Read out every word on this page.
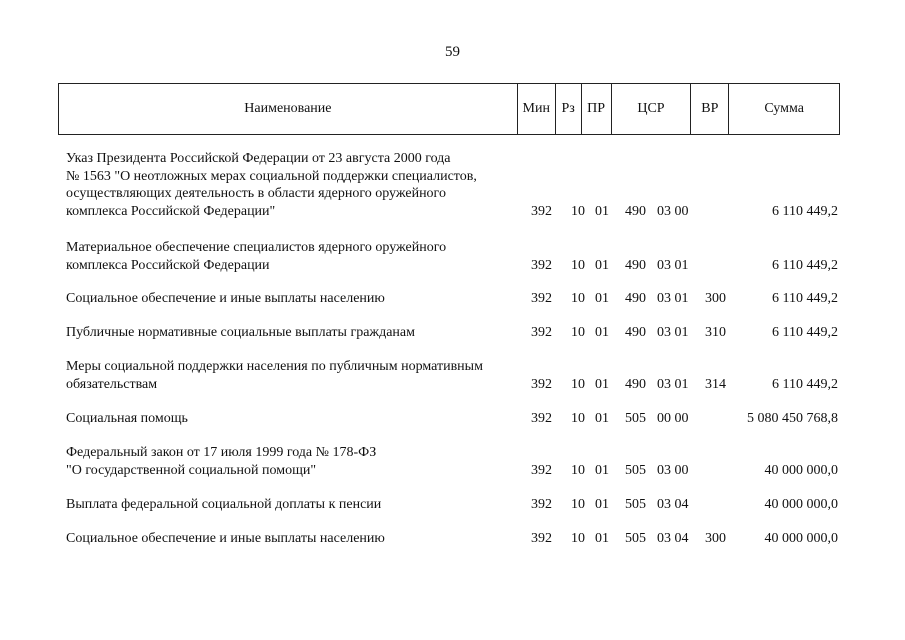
59
Наименование	Мин Рз ПР	ЦСР	ВР	Сумма
Указ Президента Российской Федерации от 23 августа 2000 года
№ 1563 "О неотложных мерах социальной поддержки специалистов,
осуществляющих деятельность в области ядерного оружейного
комплекса Российской Федерации"	392 10 01 490 03 00	6 110 449,2
Материальное обеспечение специалистов ядерного оружейного
комплекса Российской Федерации	392 10 01 490 03 01	6 110 449,2
Социальное обеспечение и иные выплаты населению	392 10 01 490 03 01 300	6 110 449,2
Публичные нормативные социальные выплаты гражданам	392 10 01 490 03 01 310	6 110 449,2
Меры социальной поддержки населения по публичным нормативным
обязательствам	392 10 01 490 03 01 314	6 110 449,2
Социальная помощь	392 10 01 505 00 00	5 080 450 768,8
Федеральный закон от 17 июля 1999 года № 178-ФЗ
"О государственной социальной помощи"	392 10 01 505 03 00	40 000 000,0
Выплата федеральной социальной доплаты к пенсии	392 10 01 505 03 04	40 000 000,0
Социальное обеспечение и иные выплаты населению	392 10 01 505 03 04 300	40 000 000,0
